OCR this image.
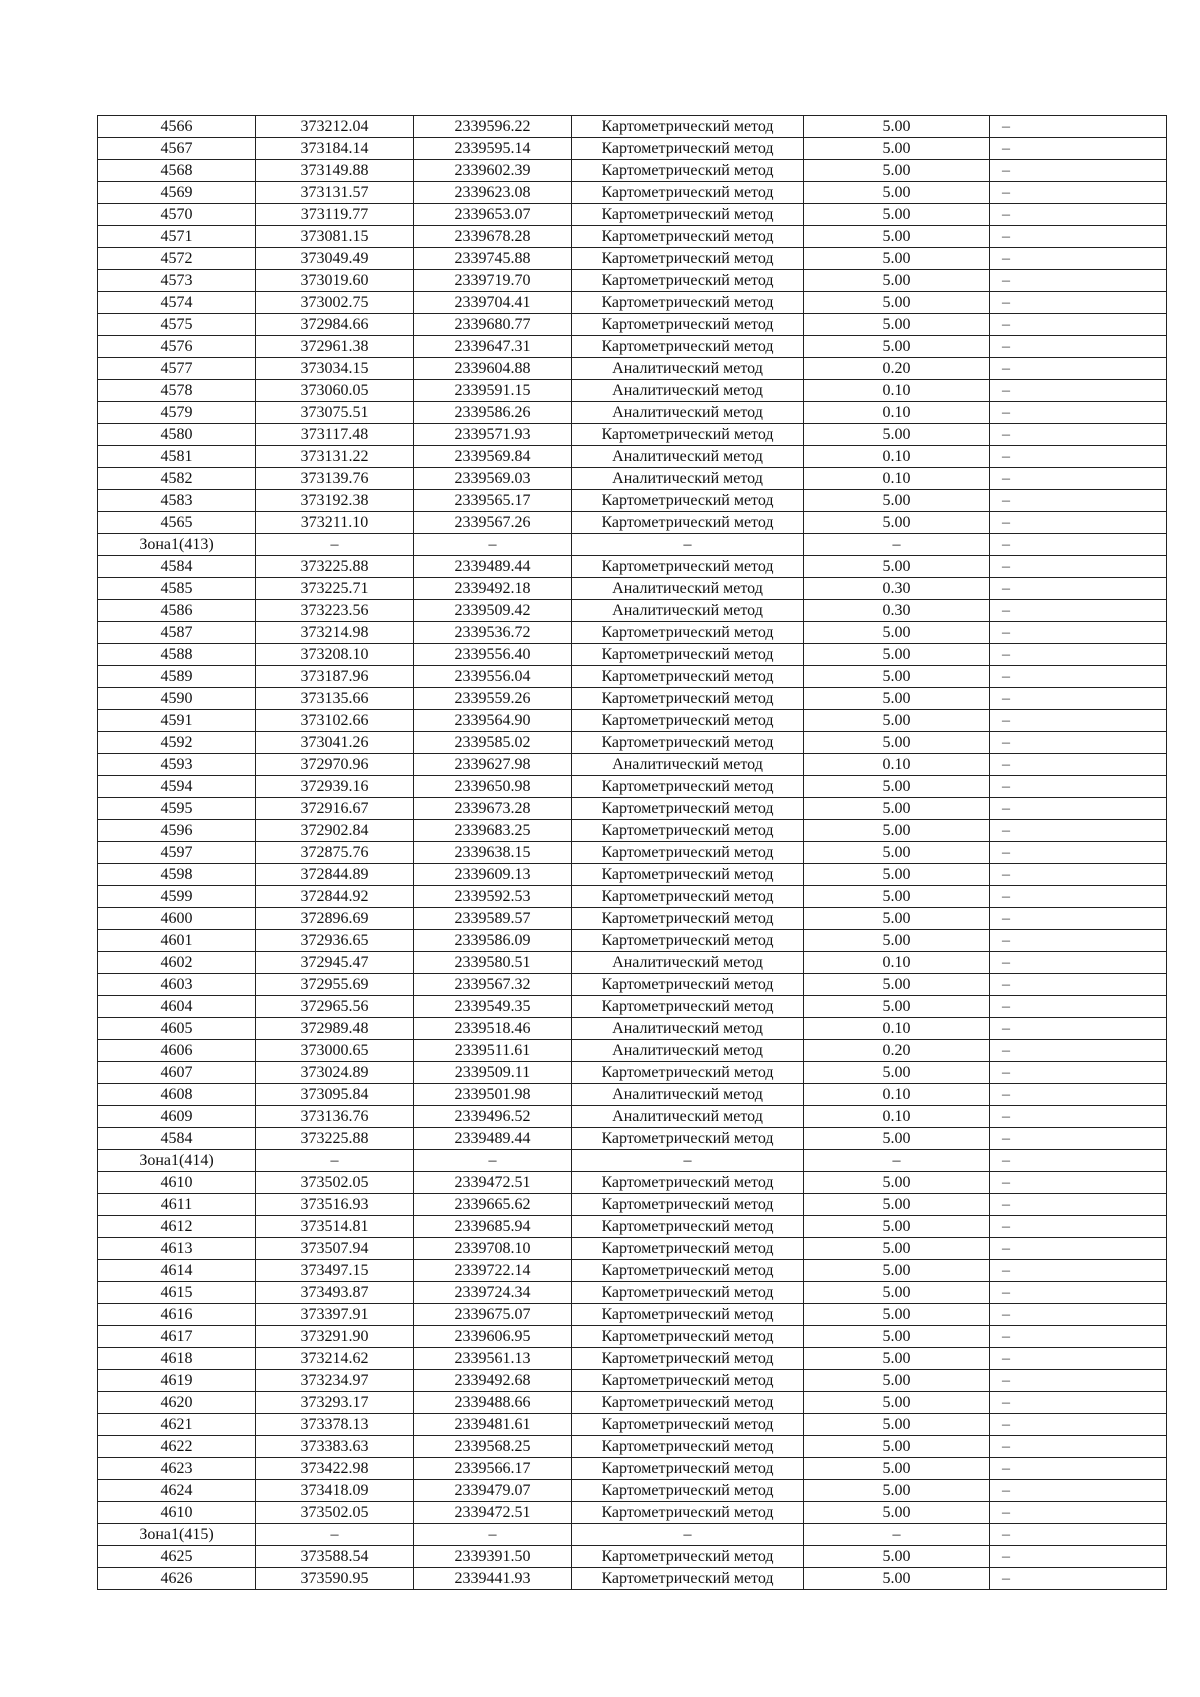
4566	373212.04	2339596.22	Картометрический метод	5.00	–
4567	373184.14	2339595.14	Картометрический метод	5.00	–
4568	373149.88	2339602.39	Картометрический метод	5.00	–
4569	373131.57	2339623.08	Картометрический метод	5.00	–
4570	373119.77	2339653.07	Картометрический метод	5.00	–
4571	373081.15	2339678.28	Картометрический метод	5.00	–
4572	373049.49	2339745.88	Картометрический метод	5.00	–
4573	373019.60	2339719.70	Картометрический метод	5.00	–
4574	373002.75	2339704.41	Картометрический метод	5.00	–
4575	372984.66	2339680.77	Картометрический метод	5.00	–
4576	372961.38	2339647.31	Картометрический метод	5.00	–
4577	373034.15	2339604.88	Аналитический метод	0.20	–
4578	373060.05	2339591.15	Аналитический метод	0.10	–
4579	373075.51	2339586.26	Аналитический метод	0.10	–
4580	373117.48	2339571.93	Картометрический метод	5.00	–
4581	373131.22	2339569.84	Аналитический метод	0.10	–
4582	373139.76	2339569.03	Аналитический метод	0.10	–
4583	373192.38	2339565.17	Картометрический метод	5.00	–
4565	373211.10	2339567.26	Картометрический метод	5.00	–
Зона1(413)	–	–	–	–	–
4584	373225.88	2339489.44	Картометрический метод	5.00	–
4585	373225.71	2339492.18	Аналитический метод	0.30	–
4586	373223.56	2339509.42	Аналитический метод	0.30	–
4587	373214.98	2339536.72	Картометрический метод	5.00	–
4588	373208.10	2339556.40	Картометрический метод	5.00	–
4589	373187.96	2339556.04	Картометрический метод	5.00	–
4590	373135.66	2339559.26	Картометрический метод	5.00	–
4591	373102.66	2339564.90	Картометрический метод	5.00	–
4592	373041.26	2339585.02	Картометрический метод	5.00	–
4593	372970.96	2339627.98	Аналитический метод	0.10	–
4594	372939.16	2339650.98	Картометрический метод	5.00	–
4595	372916.67	2339673.28	Картометрический метод	5.00	–
4596	372902.84	2339683.25	Картометрический метод	5.00	–
4597	372875.76	2339638.15	Картометрический метод	5.00	–
4598	372844.89	2339609.13	Картометрический метод	5.00	–
4599	372844.92	2339592.53	Картометрический метод	5.00	–
4600	372896.69	2339589.57	Картометрический метод	5.00	–
4601	372936.65	2339586.09	Картометрический метод	5.00	–
4602	372945.47	2339580.51	Аналитический метод	0.10	–
4603	372955.69	2339567.32	Картометрический метод	5.00	–
4604	372965.56	2339549.35	Картометрический метод	5.00	–
4605	372989.48	2339518.46	Аналитический метод	0.10	–
4606	373000.65	2339511.61	Аналитический метод	0.20	–
4607	373024.89	2339509.11	Картометрический метод	5.00	–
4608	373095.84	2339501.98	Аналитический метод	0.10	–
4609	373136.76	2339496.52	Аналитический метод	0.10	–
4584	373225.88	2339489.44	Картометрический метод	5.00	–
Зона1(414)	–	–	–	–	–
4610	373502.05	2339472.51	Картометрический метод	5.00	–
4611	373516.93	2339665.62	Картометрический метод	5.00	–
4612	373514.81	2339685.94	Картометрический метод	5.00	–
4613	373507.94	2339708.10	Картометрический метод	5.00	–
4614	373497.15	2339722.14	Картометрический метод	5.00	–
4615	373493.87	2339724.34	Картометрический метод	5.00	–
4616	373397.91	2339675.07	Картометрический метод	5.00	–
4617	373291.90	2339606.95	Картометрический метод	5.00	–
4618	373214.62	2339561.13	Картометрический метод	5.00	–
4619	373234.97	2339492.68	Картометрический метод	5.00	–
4620	373293.17	2339488.66	Картометрический метод	5.00	–
4621	373378.13	2339481.61	Картометрический метод	5.00	–
4622	373383.63	2339568.25	Картометрический метод	5.00	–
4623	373422.98	2339566.17	Картометрический метод	5.00	–
4624	373418.09	2339479.07	Картометрический метод	5.00	–
4610	373502.05	2339472.51	Картометрический метод	5.00	–
Зона1(415)	–	–	–	–	–
4625	373588.54	2339391.50	Картометрический метод	5.00	–
4626	373590.95	2339441.93	Картометрический метод	5.00	–
